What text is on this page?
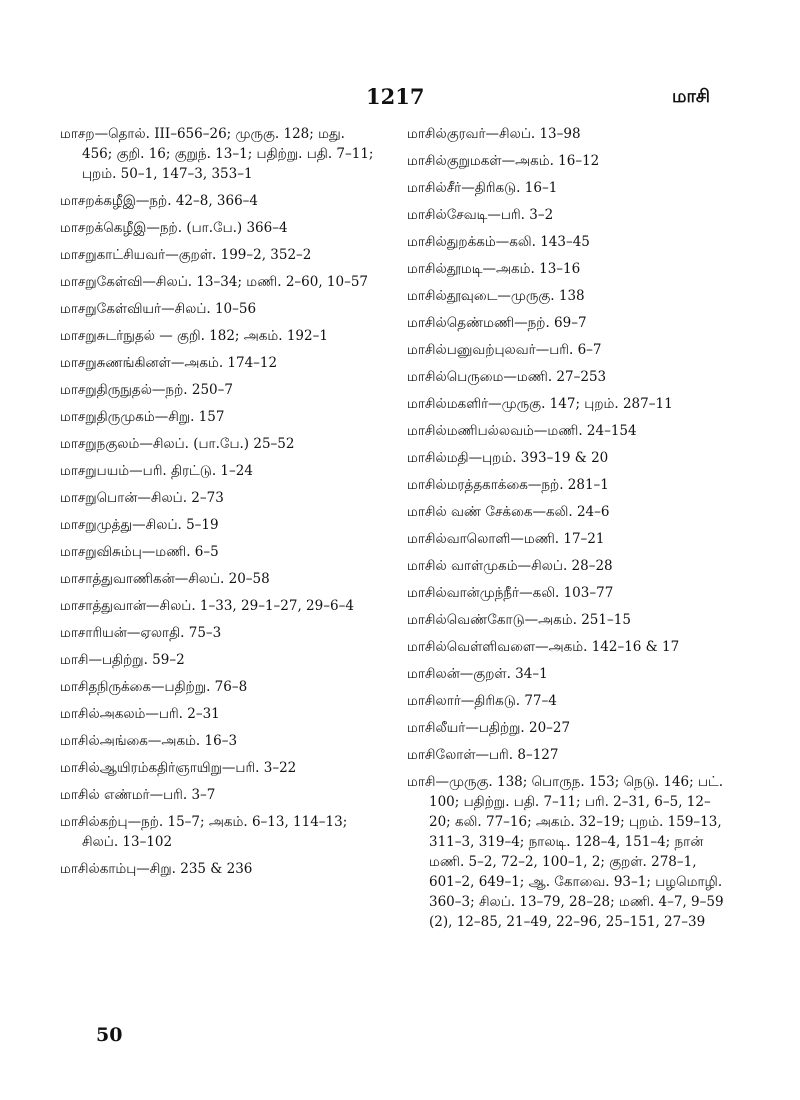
1217	மாசி

மாசற—தொல். III–656–26; முருகு. 128; மது. 456; குறி. 16; குறுந். 13–1; பதிற்று. பதி. 7–11; புறம். 50–1, 147–3, 353–1

மாசறக்கழீஇ—நற். 42–8, 366–4

மாசறக்கெழீஇ—நற். (பா.பே.) 366–4

மாசறுகாட்சியவர்—குறள். 199–2, 352–2

மாசறுகேள்வி—சிலப். 13–34; மணி. 2–60, 10–57

மாசறுகேள்வியர்—சிலப். 10–56

மாசறுசுடர்நுதல் — குறி. 182; அகம். 192–1

மாசறுசுணங்கினள்—அகம். 174–12

மாசறுதிருநுதல்—நற். 250–7

மாசறுதிருமுகம்—சிறு. 157

மாசறுநகுலம்—சிலப். (பா.பே.) 25–52

மாசறுபயம்—பரி. திரட்டு. 1–24

மாசறுபொன்—சிலப். 2–73

மாசறுமுத்து—சிலப். 5–19

மாசறுவிசும்பு—மணி. 6–5

மாசாத்துவாணிகன்—சிலப். 20–58

மாசாத்துவான்—சிலப். 1–33, 29–1–27, 29–6–4

மாசாரியன்—ஏலாதி. 75–3

மாசி—பதிற்று. 59–2

மாசிதநிருக்கை—பதிற்று. 76–8

மாசில்அகலம்—பரி. 2–31

மாசில்அங்கை—அகம். 16–3

மாசில்ஆயிரம்கதிர்ஞாயிறு—பரி. 3–22

மாசில் எண்மர்—பரி. 3–7

மாசில்கற்பு—நற். 15–7; அகம். 6–13, 114–13; சிலப். 13–102

மாசில்காம்பு—சிறு. 235 & 236

மாசில்குரவர்—சிலப். 13–98

மாசில்குறுமகள்—அகம். 16–12

மாசில்சீர்—திரிகடு. 16–1

மாசில்சேவடி—பரி. 3–2

மாசில்துறக்கம்—கலி. 143–45

மாசில்தூமடி—அகம். 13–16

மாசில்தூவுடை—முருகு. 138

மாசில்தெண்மணி—நற். 69–7

மாசில்பனுவற்புலவர்—பரி. 6–7

மாசில்பெருமை—மணி. 27–253

மாசில்மகளிர்—முருகு. 147; புறம். 287–11

மாசில்மணிபல்லவம்—மணி. 24–154

மாசில்மதி—புறம். 393–19 & 20

மாசில்மரத்தகாக்கை—நற். 281–1

மாசில் வண் சேக்கை—கலி. 24–6

மாசில்வாலொளி—மணி. 17–21

மாசில் வாள்முகம்—சிலப். 28–28

மாசில்வான்முந்நீர்—கலி. 103–77

மாசில்வெண்கோடு—அகம். 251–15

மாசில்வெள்ளிவளை—அகம். 142–16 & 17

மாசிலன்—குறள். 34–1

மாசிலார்—திரிகடு. 77–4

மாசிலீயர்—பதிற்று. 20–27

மாசிலோள்—பரி. 8–127

மாசி—முருகு. 138; பொருந. 153; நெடு. 146; பட். 100; பதிற்று. பதி. 7–11; பரி. 2–31, 6–5, 12–20; கலி. 77–16; அகம். 32–19; புறம். 159–13, 311–3, 319–4; நாலடி. 128–4, 151–4; நான் மணி. 5–2, 72–2, 100–1, 2; குறள். 278–1, 601–2, 649–1; ஆ. கோவை. 93–1; பழமொழி. 360–3; சிலப். 13–79, 28–28; மணி. 4–7, 9–59 (2), 12–85, 21–49, 22–96, 25–151, 27–39

50
